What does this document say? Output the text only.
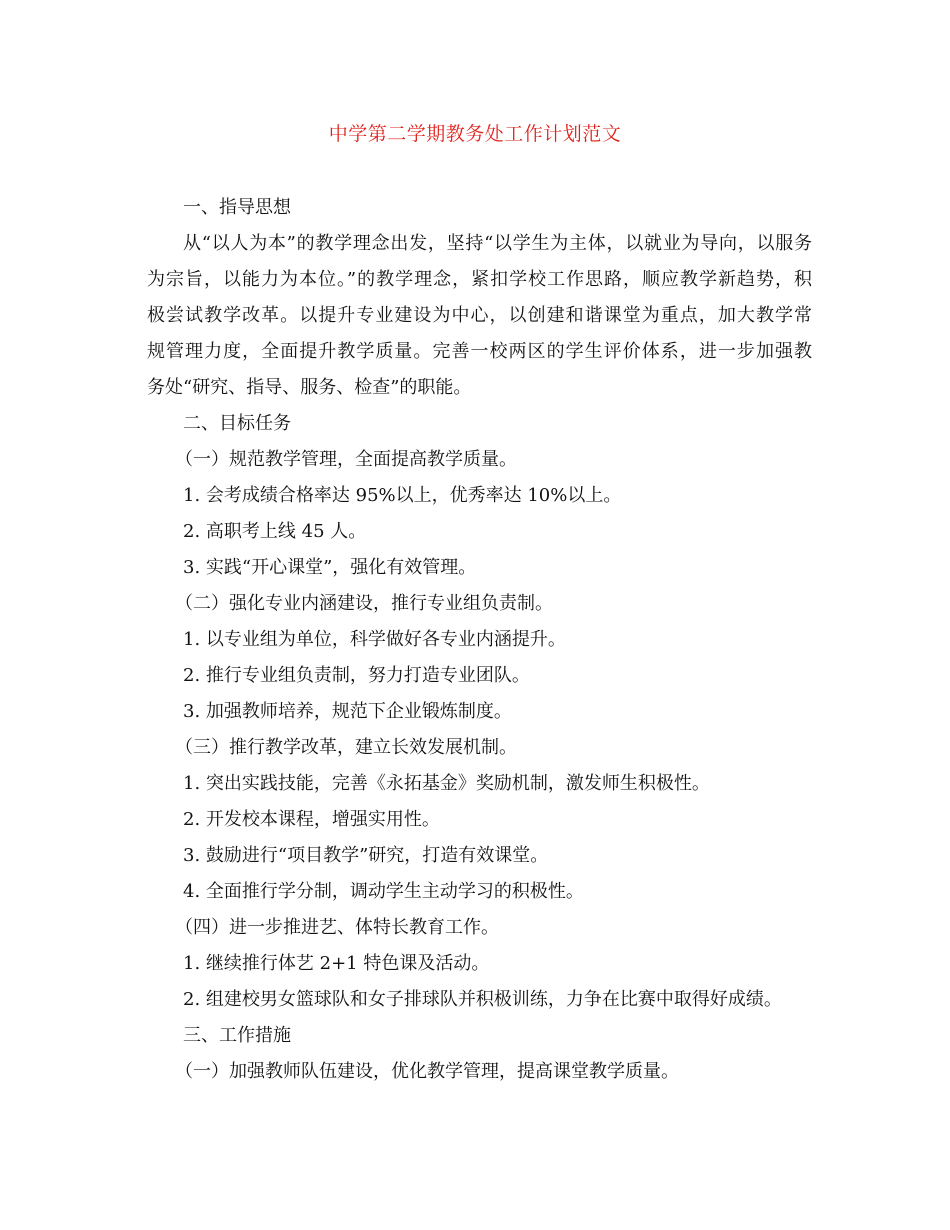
中学第二学期教务处工作计划范文
一、指导思想
从“以人为本”的教学理念出发，坚持“以学生为主体，以就业为导向，以服务
为宗旨，以能力为本位。”的教学理念，紧扣学校工作思路，顺应教学新趋势，积
极尝试教学改革。以提升专业建设为中心，以创建和谐课堂为重点，加大教学常
规管理力度，全面提升教学质量。完善一校两区的学生评价体系，进一步加强教
务处“研究、指导、服务、检查”的职能。
二、目标任务
（一）规范教学管理，全面提高教学质量。
1. 会考成绩合格率达 95%以上，优秀率达 10%以上。
2. 高职考上线 45 人。
3. 实践“开心课堂”，强化有效管理。
（二）强化专业内涵建设，推行专业组负责制。
1. 以专业组为单位，科学做好各专业内涵提升。
2. 推行专业组负责制，努力打造专业团队。
3. 加强教师培养，规范下企业锻炼制度。
（三）推行教学改革，建立长效发展机制。
1. 突出实践技能，完善《永拓基金》奖励机制，激发师生积极性。
2. 开发校本课程，增强实用性。
3. 鼓励进行“项目教学”研究，打造有效课堂。
4. 全面推行学分制，调动学生主动学习的积极性。
（四）进一步推进艺、体特长教育工作。
1. 继续推行体艺 2+1 特色课及活动。
2. 组建校男女篮球队和女子排球队并积极训练，力争在比赛中取得好成绩。
三、工作措施
（一）加强教师队伍建设，优化教学管理，提高课堂教学质量。
